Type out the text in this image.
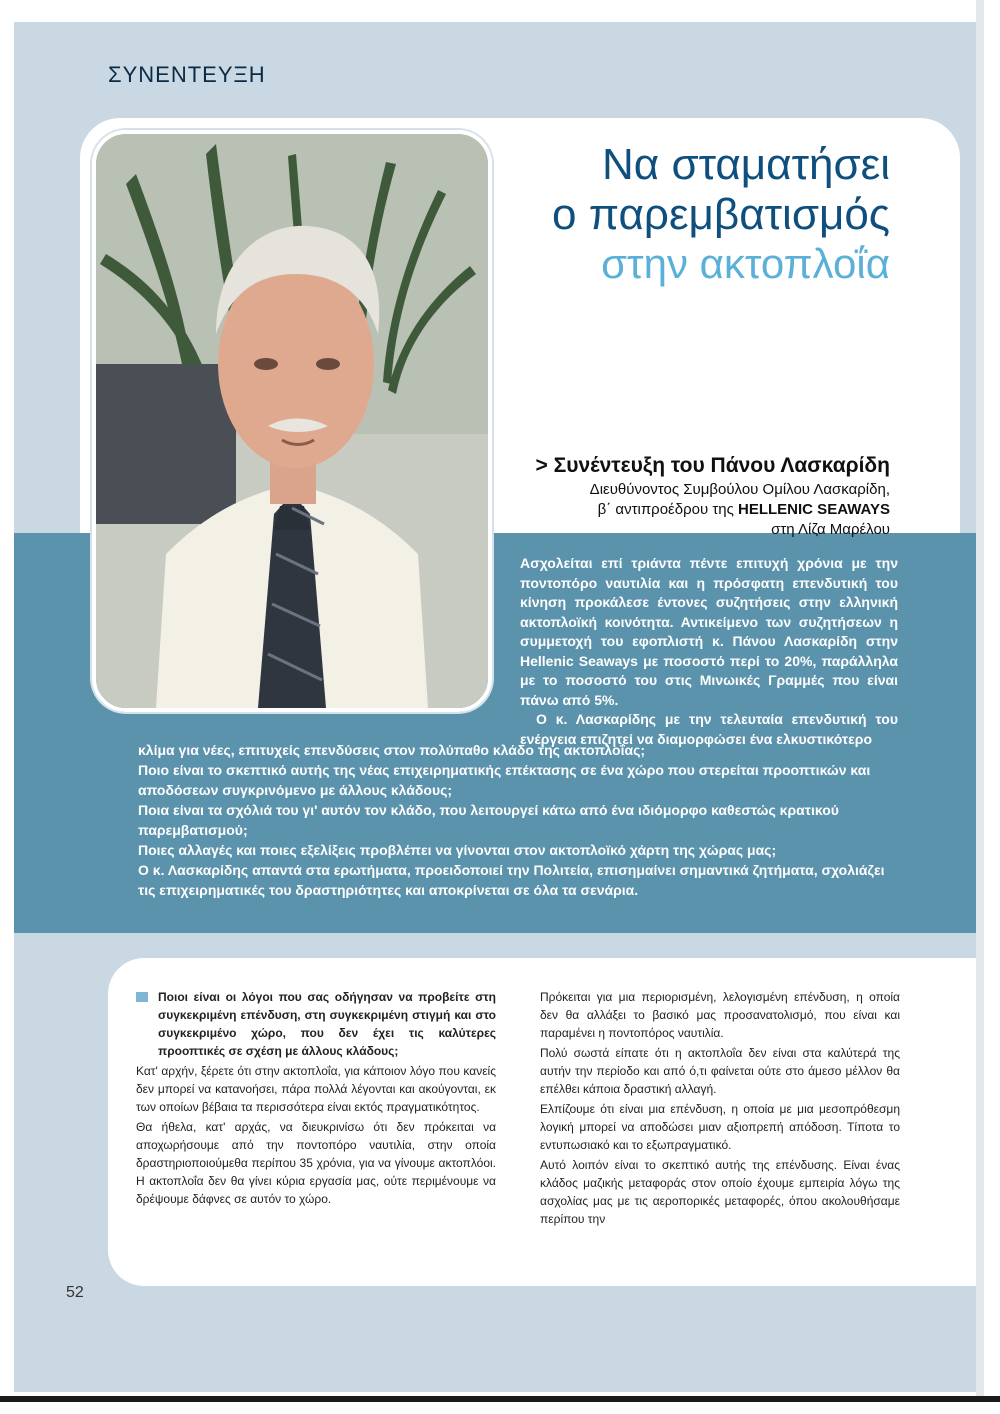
ΣΥΝΕΝΤΕΥΞΗ
Να σταματήσει
ο παρεμβατισμός
στην ακτοπλοΐα
> Συνέντευξη του Πάνου Λασκαρίδη
Διευθύνοντος Συμβούλου Ομίλου Λασκαρίδη,
β΄ αντιπροέδρου της HELLENIC SEAWAYS
στη Λίζα Μαρέλου

Ασχολείται επί τριάντα πέντε επιτυχή χρόνια με την ποντοπόρο ναυτιλία και η πρόσφατη επενδυτική του κίνηση προκάλεσε έντονες συζητήσεις στην ελληνική ακτοπλοϊκή κοινότητα. Αντικείμενο των συζητήσεων η συμμετοχή του εφοπλιστή κ. Πάνου Λασκαρίδη στην Hellenic Seaways με ποσοστό περί το 20%, παράλληλα με το ποσοστό του στις Μινωικές Γραμμές που είναι πάνω από 5%.

Ο κ. Λασκαρίδης με την τελευταία επενδυτική του ενέργεια επιζητεί να διαμορφώσει ένα ελκυστικότερο

κλίμα για νέες, επιτυχείς επενδύσεις στον πολύπαθο κλάδο της ακτοπλοΐας;

Ποιο είναι το σκεπτικό αυτής της νέας επιχειρηματικής επέκτασης σε ένα χώρο που στερείται προοπτικών και αποδόσεων συγκρινόμενο με άλλους κλάδους;

Ποια είναι τα σχόλιά του γι' αυτόν τον κλάδο, που λειτουργεί κάτω από ένα ιδιόμορφο καθεστώς κρατικού παρεμβατισμού;

Ποιες αλλαγές και ποιες εξελίξεις προβλέπει να γίνονται στον ακτοπλοϊκό χάρτη της χώρας μας;

Ο κ. Λασκαρίδης απαντά στα ερωτήματα, προειδοποιεί την Πολιτεία, επισημαίνει σημαντικά ζητήματα, σχολιάζει τις επιχειρηματικές του δραστηριότητες και αποκρίνεται σε όλα τα σενάρια.

Ποιοι είναι οι λόγοι που σας οδήγησαν να προβείτε στη συγκεκριμένη επένδυση, στη συγκεκριμένη στιγμή και στο συγκεκριμένο χώρο, που δεν έχει τις καλύτερες προοπτικές σε σχέση με άλλους κλάδους;

Κατ' αρχήν, ξέρετε ότι στην ακτοπλοΐα, για κάποιον λόγο που κανείς δεν μπορεί να κατανοήσει, πάρα πολλά λέγονται και ακούγονται, εκ των οποίων βέβαια τα περισσότερα είναι εκτός πραγματικότητος.

Θα ήθελα, κατ' αρχάς, να διευκρινίσω ότι δεν πρόκειται να αποχωρήσουμε από την ποντοπόρο ναυτιλία, στην οποία δραστηριοποιούμεθα περίπου 35 χρόνια, για να γίνουμε ακτοπλόοι. Η ακτοπλοΐα δεν θα γίνει κύρια εργασία μας, ούτε περιμένουμε να δρέψουμε δάφνες σε αυτόν το χώρο.

Πρόκειται για μια περιορισμένη, λελογισμένη επένδυση, η οποία δεν θα αλλάξει το βασικό μας προσανατολισμό, που είναι και παραμένει η ποντοπόρος ναυτιλία.

Πολύ σωστά είπατε ότι η ακτοπλοΐα δεν είναι στα καλύτερά της αυτήν την περίοδο και από ό,τι φαίνεται ούτε στο άμεσο μέλλον θα επέλθει κάποια δραστική αλλαγή.

Ελπίζουμε ότι είναι μια επένδυση, η οποία με μια μεσοπρόθεσμη λογική μπορεί να αποδώσει μιαν αξιοπρεπή απόδοση. Τίποτα το εντυπωσιακό και το εξωπραγματικό.

Αυτό λοιπόν είναι το σκεπτικό αυτής της επένδυσης. Είναι ένας κλάδος μαζικής μεταφοράς στον οποίο έχουμε εμπειρία λόγω της ασχολίας μας με τις αεροπορικές μεταφορές, όπου ακολουθήσαμε περίπου την

52
